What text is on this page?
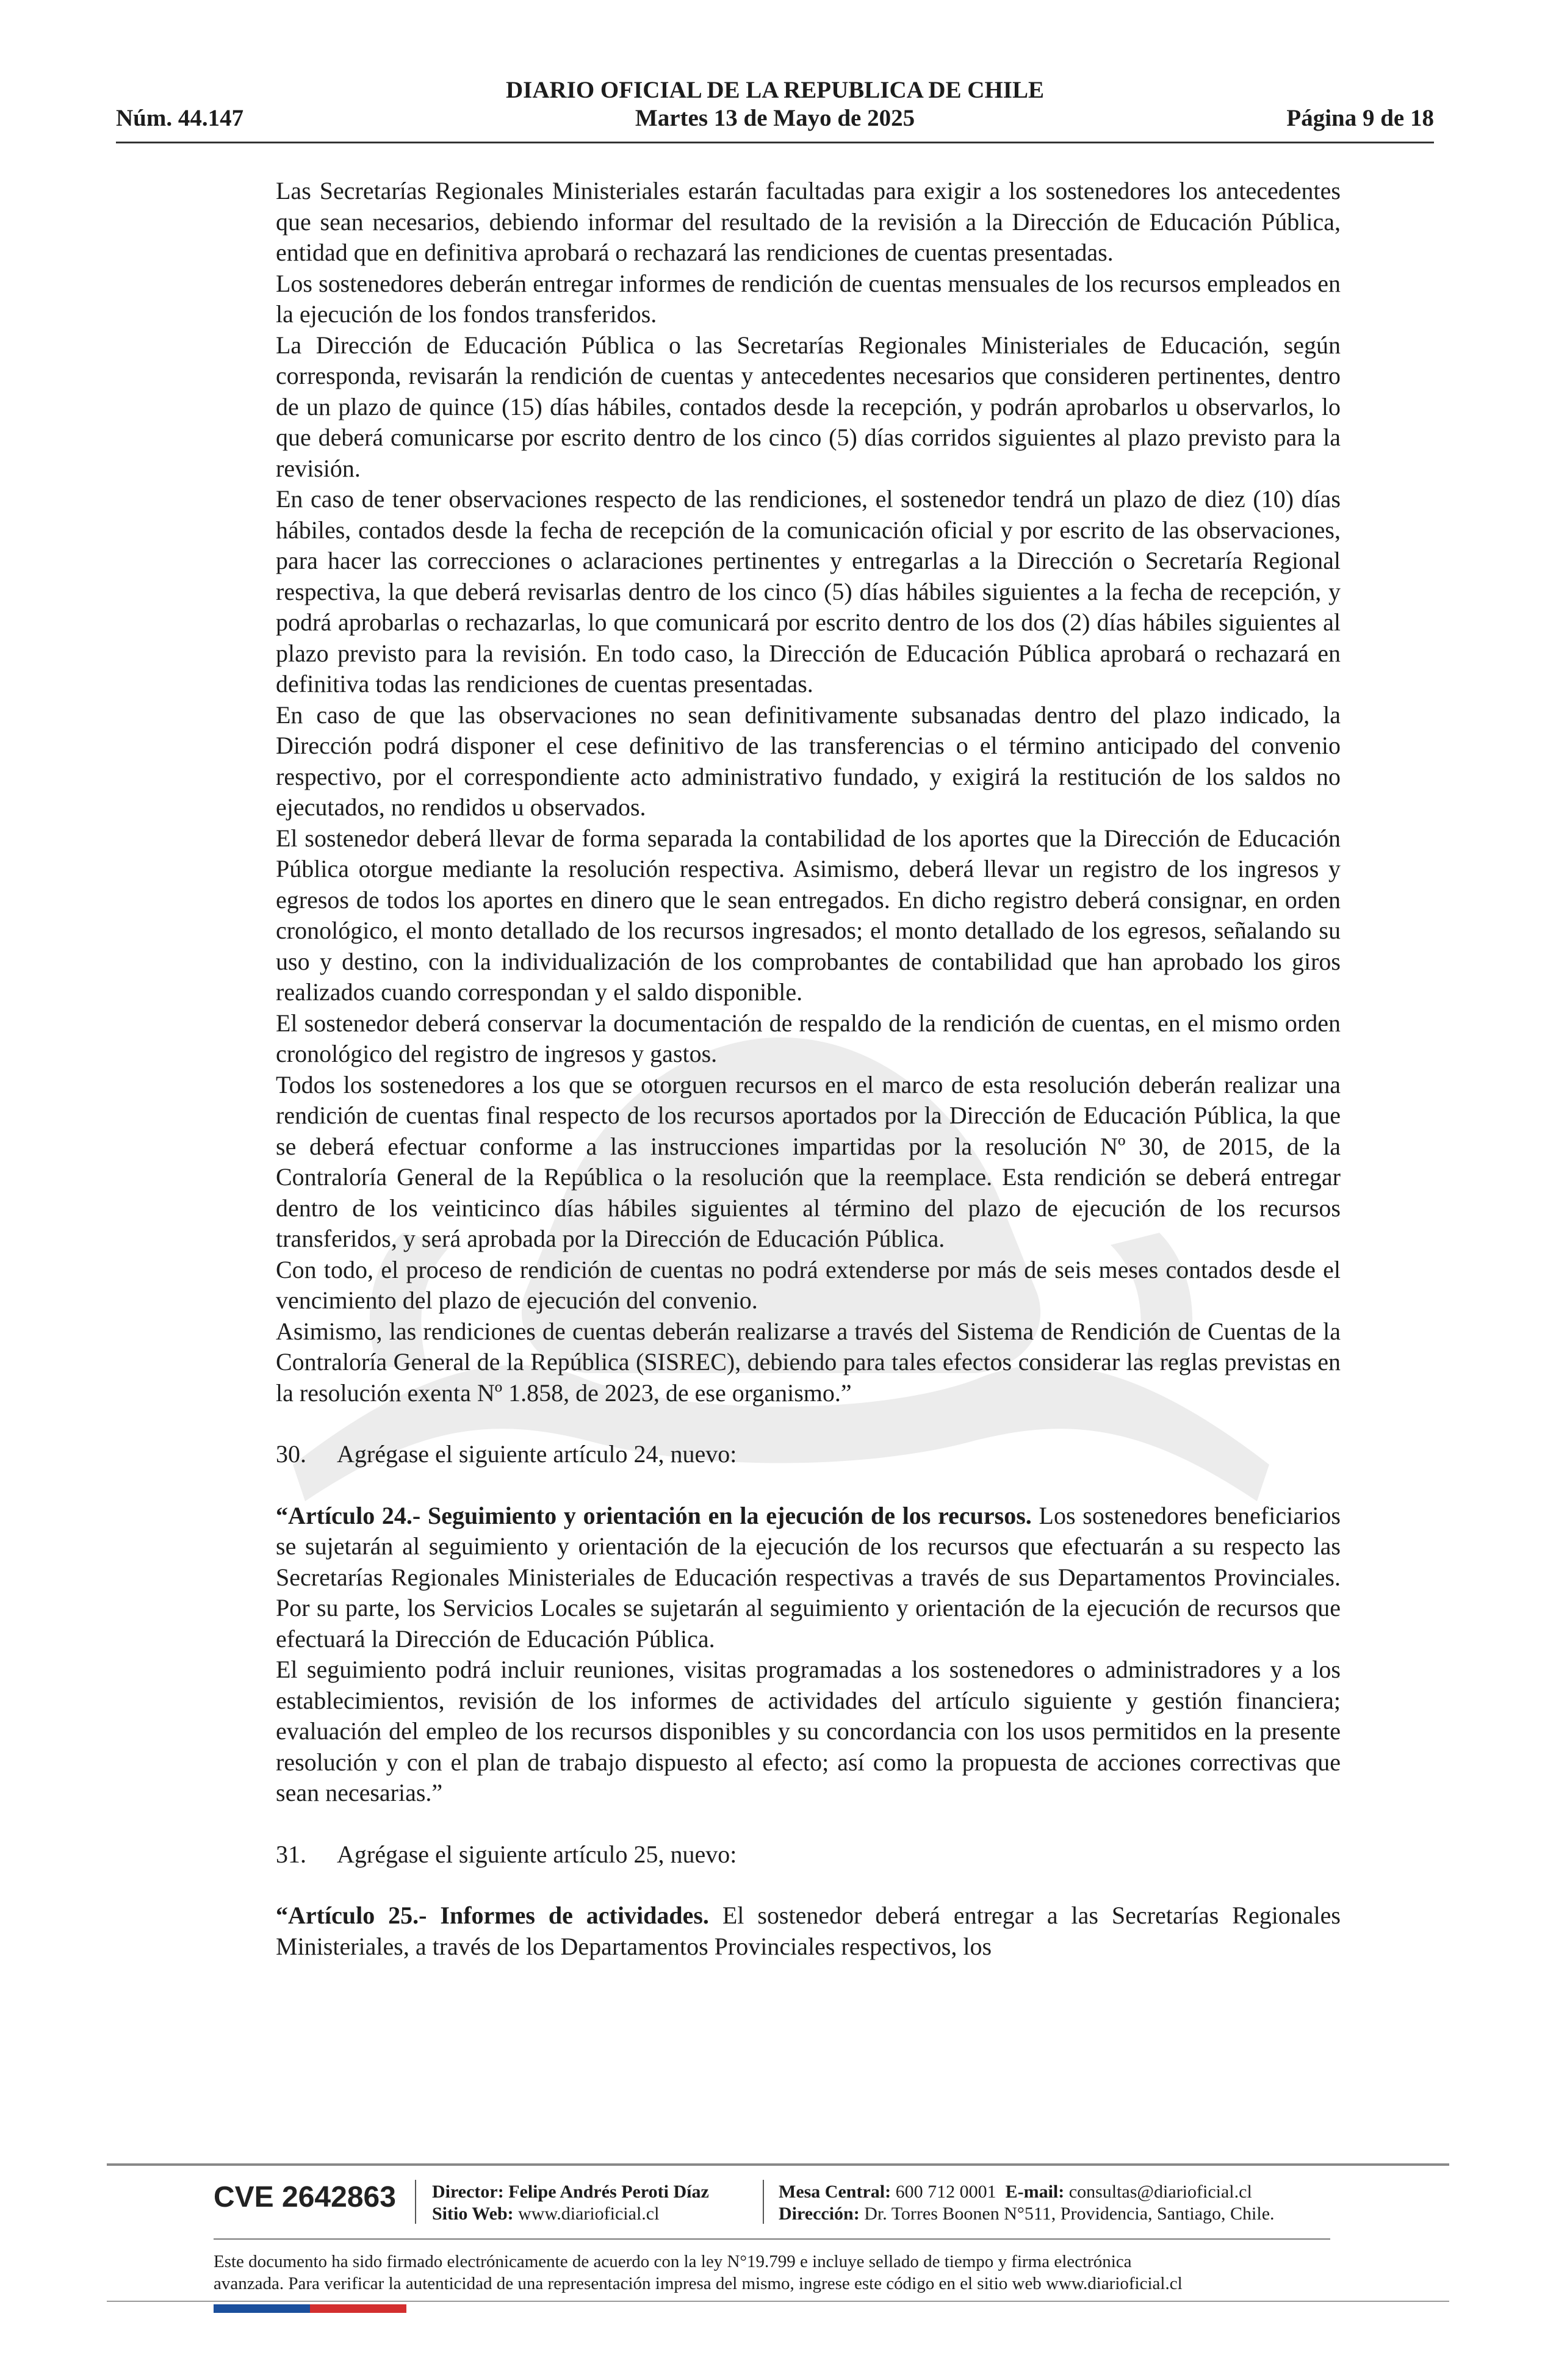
DIARIO OFICIAL DE LA REPUBLICA DE CHILE
Martes 13 de Mayo de 2025
Núm. 44.147	Página 9 de 18

Las Secretarías Regionales Ministeriales estarán facultadas para exigir a los sostenedores los antecedentes que sean necesarios, debiendo informar del resultado de la revisión a la Dirección de Educación Pública, entidad que en definitiva aprobará o rechazará las rendiciones de cuentas presentadas.

Los sostenedores deberán entregar informes de rendición de cuentas mensuales de los recursos empleados en la ejecución de los fondos transferidos.

La Dirección de Educación Pública o las Secretarías Regionales Ministeriales de Educación, según corresponda, revisarán la rendición de cuentas y antecedentes necesarios que consideren pertinentes, dentro de un plazo de quince (15) días hábiles, contados desde la recepción, y podrán aprobarlos u observarlos, lo que deberá comunicarse por escrito dentro de los cinco (5) días corridos siguientes al plazo previsto para la revisión.

En caso de tener observaciones respecto de las rendiciones, el sostenedor tendrá un plazo de diez (10) días hábiles, contados desde la fecha de recepción de la comunicación oficial y por escrito de las observaciones, para hacer las correcciones o aclaraciones pertinentes y entregarlas a la Dirección o Secretaría Regional respectiva, la que deberá revisarlas dentro de los cinco (5) días hábiles siguientes a la fecha de recepción, y podrá aprobarlas o rechazarlas, lo que comunicará por escrito dentro de los dos (2) días hábiles siguientes al plazo previsto para la revisión. En todo caso, la Dirección de Educación Pública aprobará o rechazará en definitiva todas las rendiciones de cuentas presentadas.

En caso de que las observaciones no sean definitivamente subsanadas dentro del plazo indicado, la Dirección podrá disponer el cese definitivo de las transferencias o el término anticipado del convenio respectivo, por el correspondiente acto administrativo fundado, y exigirá la restitución de los saldos no ejecutados, no rendidos u observados.

El sostenedor deberá llevar de forma separada la contabilidad de los aportes que la Dirección de Educación Pública otorgue mediante la resolución respectiva. Asimismo, deberá llevar un registro de los ingresos y egresos de todos los aportes en dinero que le sean entregados. En dicho registro deberá consignar, en orden cronológico, el monto detallado de los recursos ingresados; el monto detallado de los egresos, señalando su uso y destino, con la individualización de los comprobantes de contabilidad que han aprobado los giros realizados cuando correspondan y el saldo disponible.

El sostenedor deberá conservar la documentación de respaldo de la rendición de cuentas, en el mismo orden cronológico del registro de ingresos y gastos.

Todos los sostenedores a los que se otorguen recursos en el marco de esta resolución deberán realizar una rendición de cuentas final respecto de los recursos aportados por la Dirección de Educación Pública, la que se deberá efectuar conforme a las instrucciones impartidas por la resolución Nº 30, de 2015, de la Contraloría General de la República o la resolución que la reemplace. Esta rendición se deberá entregar dentro de los veinticinco días hábiles siguientes al término del plazo de ejecución de los recursos transferidos, y será aprobada por la Dirección de Educación Pública.

Con todo, el proceso de rendición de cuentas no podrá extenderse por más de seis meses contados desde el vencimiento del plazo de ejecución del convenio.

Asimismo, las rendiciones de cuentas deberán realizarse a través del Sistema de Rendición de Cuentas de la Contraloría General de la República (SISREC), debiendo para tales efectos considerar las reglas previstas en la resolución exenta Nº 1.858, de 2023, de ese organismo.”

30. Agrégase el siguiente artículo 24, nuevo:

“Artículo 24.- Seguimiento y orientación en la ejecución de los recursos. Los sostenedores beneficiarios se sujetarán al seguimiento y orientación de la ejecución de los recursos que efectuarán a su respecto las Secretarías Regionales Ministeriales de Educación respectivas a través de sus Departamentos Provinciales. Por su parte, los Servicios Locales se sujetarán al seguimiento y orientación de la ejecución de recursos que efectuará la Dirección de Educación Pública.

El seguimiento podrá incluir reuniones, visitas programadas a los sostenedores o administradores y a los establecimientos, revisión de los informes de actividades del artículo siguiente y gestión financiera; evaluación del empleo de los recursos disponibles y su concordancia con los usos permitidos en la presente resolución y con el plan de trabajo dispuesto al efecto; así como la propuesta de acciones correctivas que sean necesarias.”

31. Agrégase el siguiente artículo 25, nuevo:

“Artículo 25.- Informes de actividades. El sostenedor deberá entregar a las Secretarías Regionales Ministeriales, a través de los Departamentos Provinciales respectivos, los

CVE 2642863 Director: Felipe Andrés Peroti Díaz
Sitio Web: www.diarioficial.cl
Mesa Central: 600 712 0001 E-mail: consultas@diarioficial.cl
Dirección: Dr. Torres Boonen N°511, Providencia, Santiago, Chile.
Este documento ha sido firmado electrónicamente de acuerdo con la ley N°19.799 e incluye sellado de tiempo y firma electrónica
avanzada. Para verificar la autenticidad de una representación impresa del mismo, ingrese este código en el sitio web www.diarioficial.cl
